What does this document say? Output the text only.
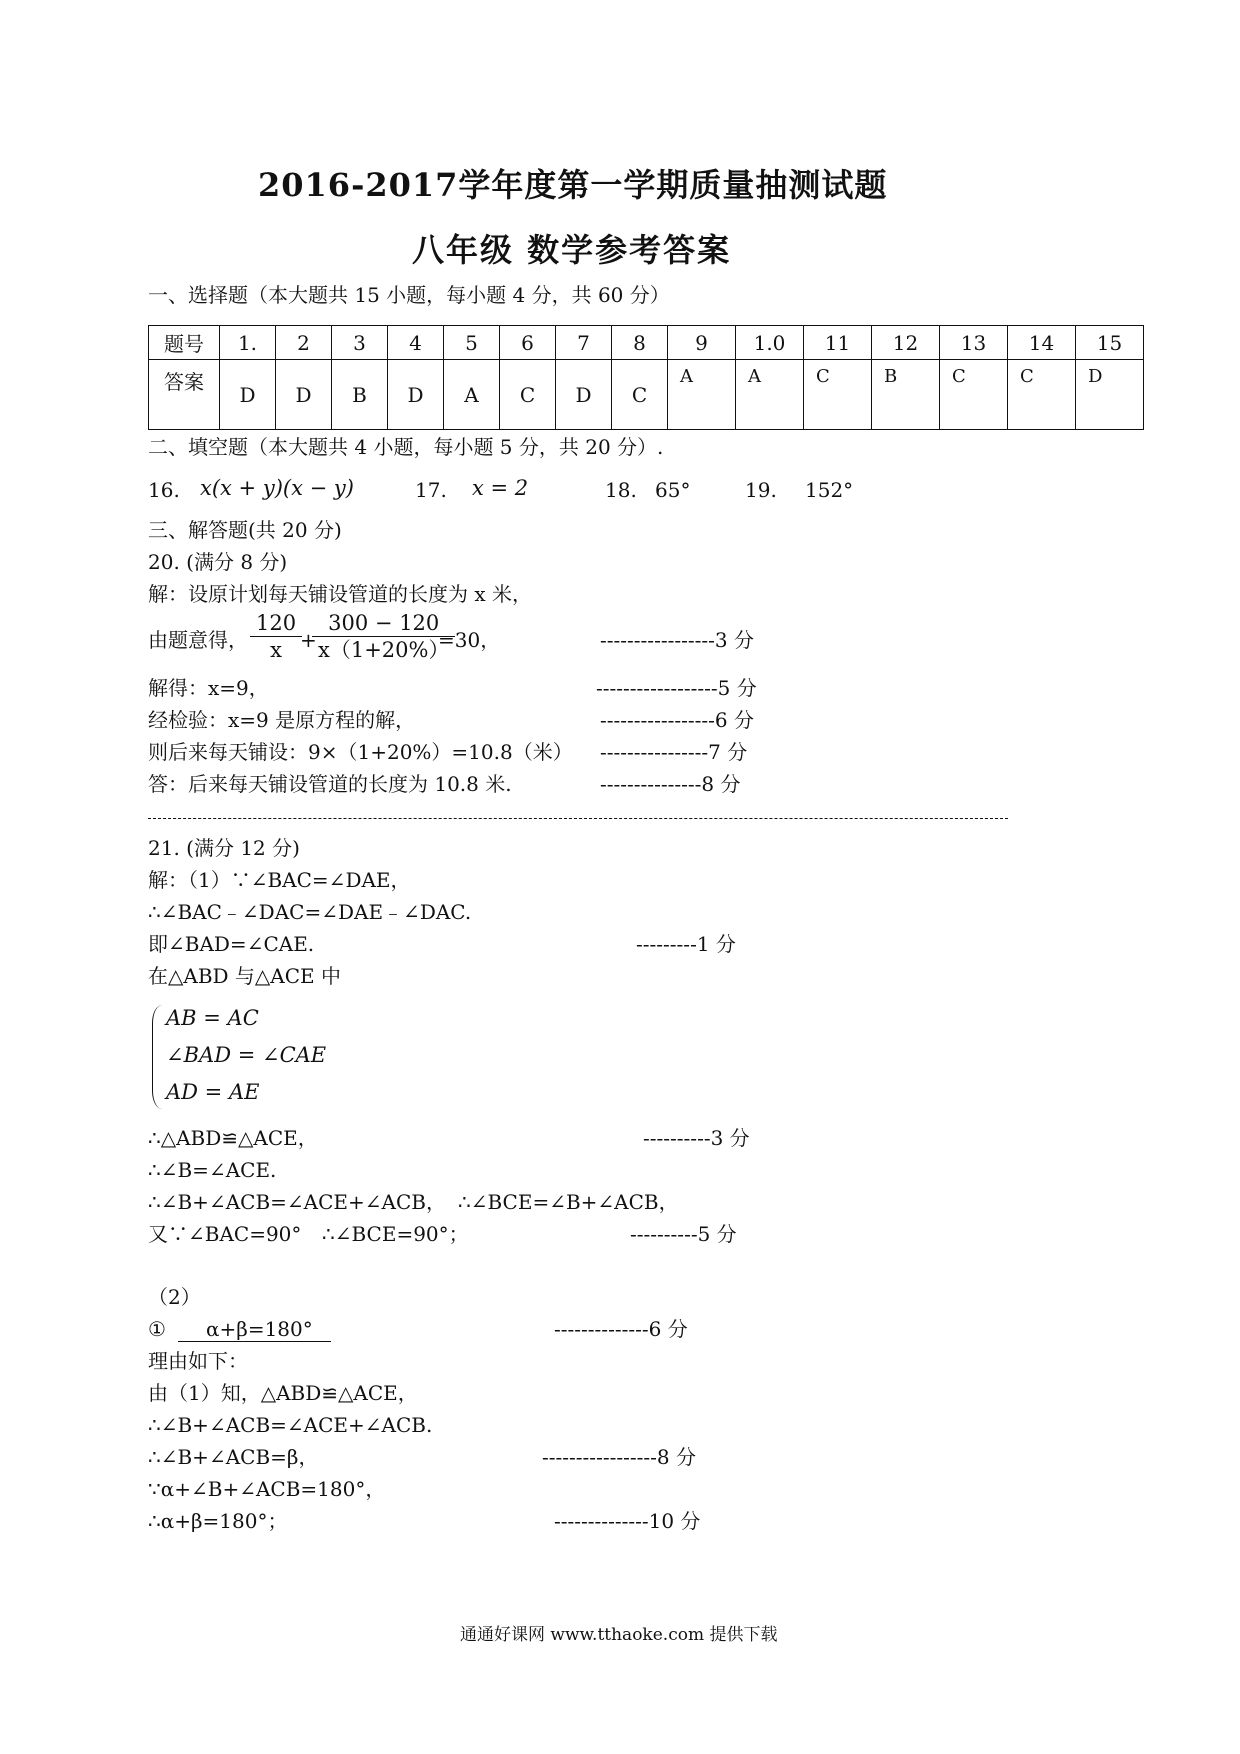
2016-2017学年度第一学期质量抽测试题
八年级 数学参考答案
一、选择题（本大题共 15 小题，每小题 4 分，共 60 分）
题号	1.	2	3	4	5	6	7	8	9	1.0	11	12	13	14	15
答案	D	D	B	D	A	C	D	C	A	A	C	B	C	C	D
二、填空题（本大题共 4 小题，每小题 5 分，共 20 分）.
16. x(x + y)(x − y)	17. x = 2	18. 65°	19. 152°
三、解答题(共 20 分)
20. (满分 8 分)
解：设原计划每天铺设管道的长度为 x 米，
由题意得， $\frac{120}{x}$
+
$\frac{300 - 120}{x(1+20\%)}$
=30，	-----------------3 分
解得：x=9，	------------------5 分
经检验：x=9 是原方程的解，	-----------------6 分
则后来每天铺设：9×（1+20%）=10.8（米） ----------------7 分
答：后来每天铺设管道的长度为 10.8 米.	---------------8 分
21. (满分 12 分)
解：（1）∵∠BAC=∠DAE，
∴∠BAC﹣∠DAC=∠DAE﹣∠DAC.
即∠BAD=∠CAE.	---------1 分
在△ABD 与△ACE 中
AB = AC
∠BAD = ∠CAE
AD = AE
∴△ABD≌△ACE，	----------3 分
∴∠B=∠ACE.
∴∠B+∠ACB=∠ACE+∠ACB， ∴∠BCE=∠B+∠ACB，
又∵∠BAC=90° ∴∠BCE=90°；	----------5 分
（2）
①	α+β=180°	--------------6 分
理由如下：
由（1）知，△ABD≌△ACE，
∴∠B+∠ACB=∠ACE+∠ACB.
∴∠B+∠ACB=β，	-----------------8 分
∵α+∠B+∠ACB=180°，
∴α+β=180°；	--------------10 分
通通好课网 www.tthaoke.com 提供下载
